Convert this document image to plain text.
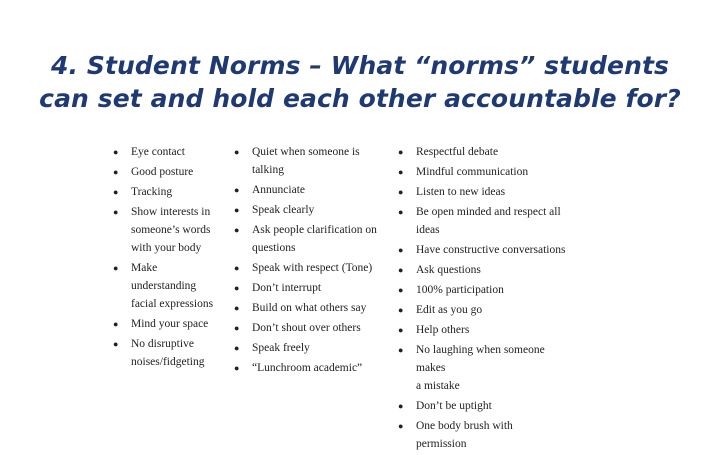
4. Student Norms – What “norms” students
can set and hold each other accountable for?
● Eye contact
● Good posture
● Tracking
● Show interests in
someone’s words
with your body
● Make
understanding
facial expressions
● Mind your space
● No disruptive
noises/fidgeting
● Quiet when someone is talking
● Annunciate
● Speak clearly
● Ask people clarification on
questions
● Speak with respect (Tone)
● Don’t interrupt
● Build on what others say
● Don’t shout over others
● Speak freely
● “Lunchroom academic”
● Respectful debate
● Mindful communication
● Listen to new ideas
● Be open minded and respect all
ideas
● Have constructive conversations
● Ask questions
● 100% participation
● Edit as you go
● Help others
● No laughing when someone makes
a mistake
● Don’t be uptight
● One body brush with permission
